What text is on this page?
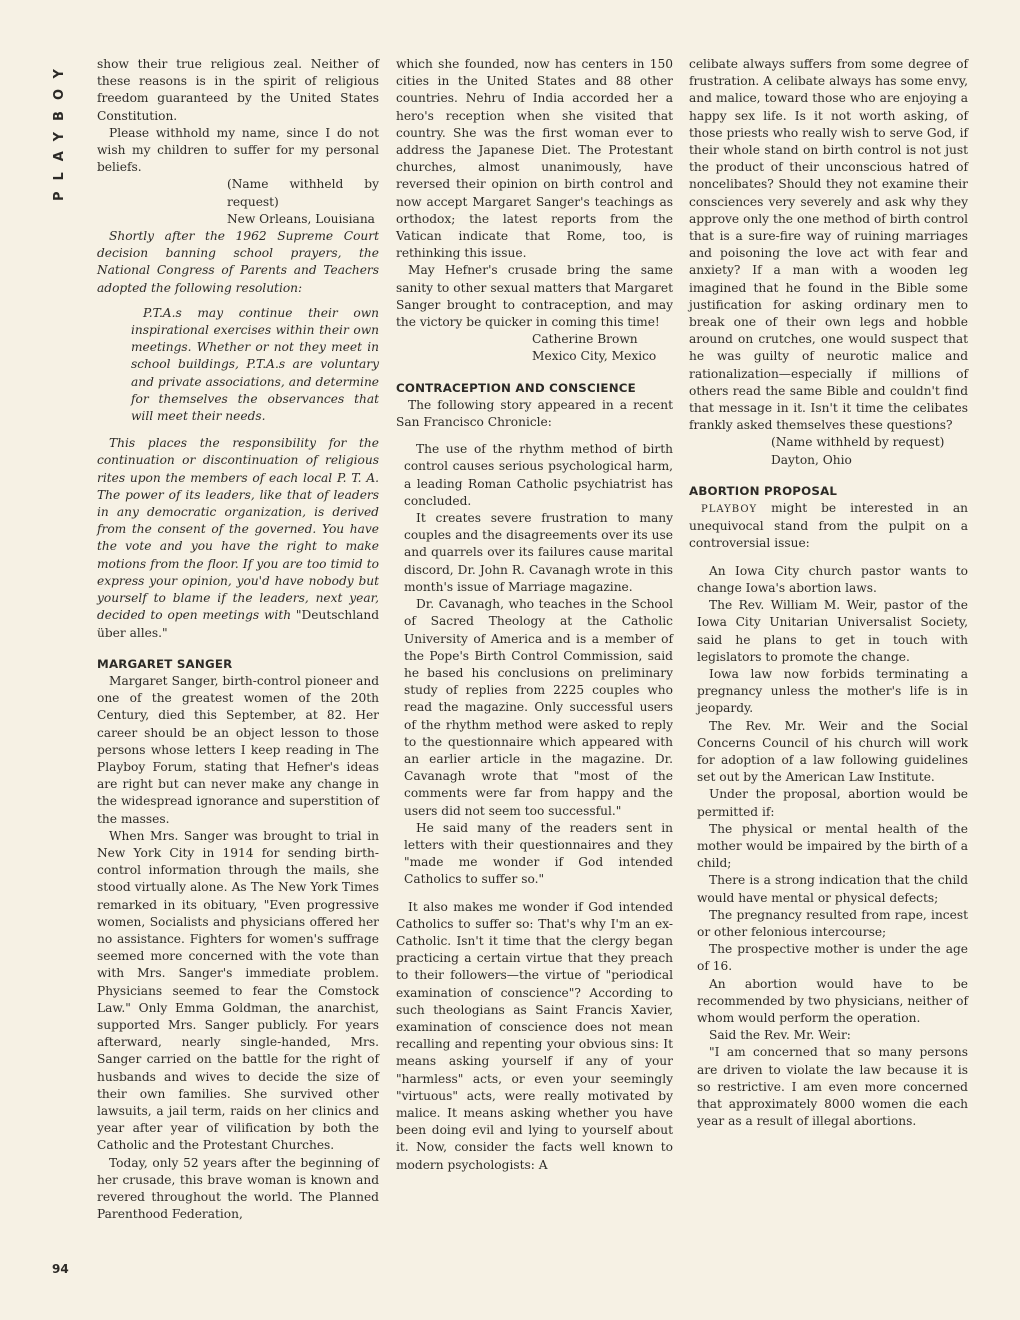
PLAYBOY
94

show their true religious zeal. Neither of these reasons is in the spirit of religious freedom guaranteed by the United States Constitution.

Please withhold my name, since I do not wish my children to suffer for my personal beliefs.

(Name withheld by request)

New Orleans, Louisiana

Shortly after the 1962 Supreme Court decision banning school prayers, the National Congress of Parents and Teachers adopted the following resolution:

P.T.A.s may continue their own inspirational exercises within their own meetings. Whether or not they meet in school buildings, P.T.A.s are voluntary and private associations, and determine for themselves the observances that will meet their needs.

This places the responsibility for the continuation or discontinuation of religious rites upon the members of each local P. T. A. The power of its leaders, like that of leaders in any democratic organization, is derived from the consent of the governed. You have the vote and you have the right to make motions from the floor. If you are too timid to express your opinion, you'd have nobody but yourself to blame if the leaders, next year, decided to open meetings with "Deutschland über alles."

MARGARET SANGER

Margaret Sanger, birth-control pioneer and one of the greatest women of the 20th Century, died this September, at 82. Her career should be an object lesson to those persons whose letters I keep reading in The Playboy Forum, stating that Hefner's ideas are right but can never make any change in the widespread ignorance and superstition of the masses.

When Mrs. Sanger was brought to trial in New York City in 1914 for sending birth-control information through the mails, she stood virtually alone. As The New York Times remarked in its obituary, "Even progressive women, Socialists and physicians offered her no assistance. Fighters for women's suffrage seemed more concerned with the vote than with Mrs. Sanger's immediate problem. Physicians seemed to fear the Comstock Law." Only Emma Goldman, the anarchist, supported Mrs. Sanger publicly. For years afterward, nearly single-handed, Mrs. Sanger carried on the battle for the right of husbands and wives to decide the size of their own families. She survived other lawsuits, a jail term, raids on her clinics and year after year of vilification by both the Catholic and the Protestant Churches.

Today, only 52 years after the beginning of her crusade, this brave woman is known and revered throughout the world. The Planned Parenthood Federation,

which she founded, now has centers in 150 cities in the United States and 88 other countries. Nehru of India accorded her a hero's reception when she visited that country. She was the first woman ever to address the Japanese Diet. The Protestant churches, almost unanimously, have reversed their opinion on birth control and now accept Margaret Sanger's teachings as orthodox; the latest reports from the Vatican indicate that Rome, too, is rethinking this issue.

May Hefner's crusade bring the same sanity to other sexual matters that Margaret Sanger brought to contraception, and may the victory be quicker in coming this time!

Catherine Brown

Mexico City, Mexico

CONTRACEPTION AND CONSCIENCE

The following story appeared in a recent San Francisco Chronicle:

The use of the rhythm method of birth control causes serious psychological harm, a leading Roman Catholic psychiatrist has concluded.

It creates severe frustration to many couples and the disagreements over its use and quarrels over its failures cause marital discord, Dr. John R. Cavanagh wrote in this month's issue of Marriage magazine.

Dr. Cavanagh, who teaches in the School of Sacred Theology at the Catholic University of America and is a member of the Pope's Birth Control Commission, said he based his conclusions on preliminary study of replies from 2225 couples who read the magazine. Only successful users of the rhythm method were asked to reply to the questionnaire which appeared with an earlier article in the magazine. Dr. Cavanagh wrote that "most of the comments were far from happy and the users did not seem too successful."

He said many of the readers sent in letters with their questionnaires and they "made me wonder if God intended Catholics to suffer so."

It also makes me wonder if God intended Catholics to suffer so: That's why I'm an ex-Catholic. Isn't it time that the clergy began practicing a certain virtue that they preach to their followers—the virtue of "periodical examination of conscience"? According to such theologians as Saint Francis Xavier, examination of conscience does not mean recalling and repenting your obvious sins: It means asking yourself if any of your "harmless" acts, or even your seemingly "virtuous" acts, were really motivated by malice. It means asking whether you have been doing evil and lying to yourself about it. Now, consider the facts well known to modern psychologists: A

celibate always suffers from some degree of frustration. A celibate always has some envy, and malice, toward those who are enjoying a happy sex life. Is it not worth asking, of those priests who really wish to serve God, if their whole stand on birth control is not just the product of their unconscious hatred of noncelibates? Should they not examine their consciences very severely and ask why they approve only the one method of birth control that is a sure-fire way of ruining marriages and poisoning the love act with fear and anxiety? If a man with a wooden leg imagined that he found in the Bible some justification for asking ordinary men to break one of their own legs and hobble around on crutches, one would suspect that he was guilty of neurotic malice and rationalization—especially if millions of others read the same Bible and couldn't find that message in it. Isn't it time the celibates frankly asked themselves these questions?

(Name withheld by request)

Dayton, Ohio

ABORTION PROPOSAL

PLAYBOY might be interested in an unequivocal stand from the pulpit on a controversial issue:

An Iowa City church pastor wants to change Iowa's abortion laws.

The Rev. William M. Weir, pastor of the Iowa City Unitarian Universalist Society, said he plans to get in touch with legislators to promote the change.

Iowa law now forbids terminating a pregnancy unless the mother's life is in jeopardy.

The Rev. Mr. Weir and the Social Concerns Council of his church will work for adoption of a law following guidelines set out by the American Law Institute.

Under the proposal, abortion would be permitted if:

The physical or mental health of the mother would be impaired by the birth of a child;

There is a strong indication that the child would have mental or physical defects;

The pregnancy resulted from rape, incest or other felonious intercourse;

The prospective mother is under the age of 16.

An abortion would have to be recommended by two physicians, neither of whom would perform the operation.

Said the Rev. Mr. Weir:

"I am concerned that so many persons are driven to violate the law because it is so restrictive. I am even more concerned that approximately 8000 women die each year as a result of illegal abortions.
